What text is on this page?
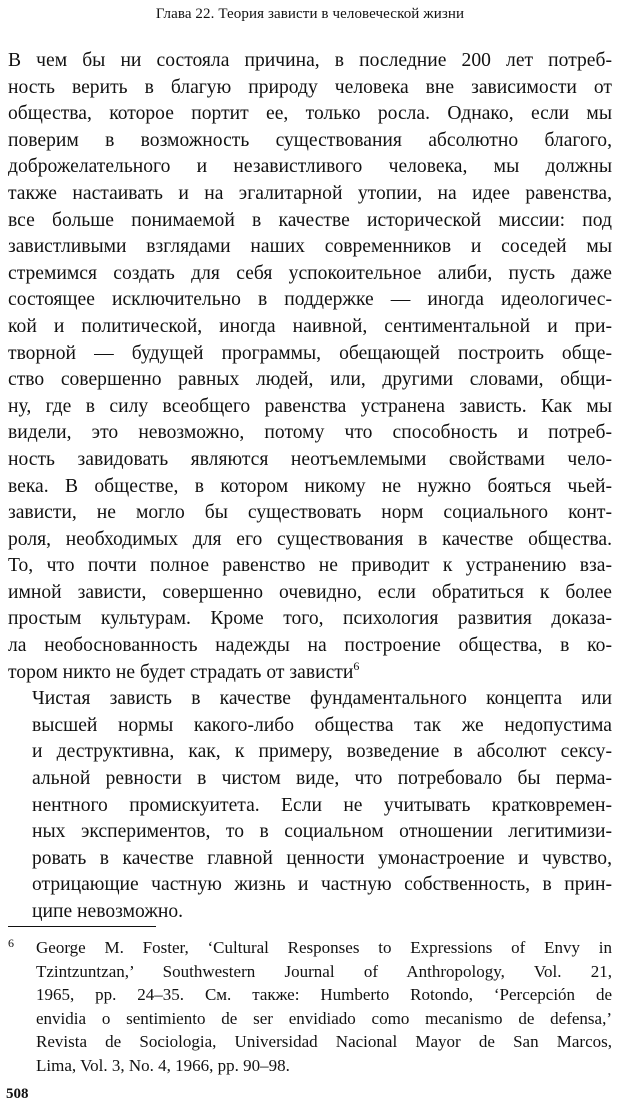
Глава 22. Теория зависти в человеческой жизни

В чем бы ни состояла причина, в последние 200 лет потреб-
ность верить в благую природу человека вне зависимости от
общества, которое портит ее, только росла. Однако, если мы
поверим в возможность существования абсолютно благого,
доброжелательного и независтливого человека, мы должны
также настаивать и на эгалитарной утопии, на идее равенства,
все больше понимаемой в качестве исторической миссии: под
завистливыми взглядами наших современников и соседей мы
стремимся создать для себя успокоительное алиби, пусть даже
состоящее исключительно в поддержке — иногда идеологичес-
кой и политической, иногда наивной, сентиментальной и при-
творной — будущей программы, обещающей построить обще-
ство совершенно равных людей, или, другими словами, общи-
ну, где в силу всеобщего равенства устранена зависть. Как мы
видели, это невозможно, потому что способность и потреб-
ность завидовать являются неотъемлемыми свойствами чело-
века. В обществе, в котором никому не нужно бояться чьей-
зависти, не могло бы существовать норм социального конт-
роля, необходимых для его существования в качестве общества.
То, что почти полное равенство не приводит к устранению вза-
имной зависти, совершенно очевидно, если обратиться к более
простым культурам. Кроме того, психология развития доказа-
ла необоснованность надежды на построение общества, в ко-
тором никто не будет страдать от зависти$^6$

Чистая зависть в качестве фундаментального концепта или
высшей нормы какого-либо общества так же недопустима
и деструктивна, как, к примеру, возведение в абсолют сексу-
альной ревности в чистом виде, что потребовало бы перма-
нентного промискуитета. Если не учитывать кратковремен-
ных экспериментов, то в социальном отношении легитимизи-
ровать в качестве главной ценности умонастроение и чувство,
отрицающие частную жизнь и частную собственность, в прин-
ципе невозможно.

6 George M. Foster, ‘Cultural Responses to Expressions of Envy in
Tzintzuntzan,’ Southwestern Journal of Anthropology, Vol. 21,
1965, pp. 24–35. См. также: Humberto Rotondo, ‘Percepción de
envidia o sentimiento de ser envidiado como mecanismo de defensa,’
Revista de Sociologia, Universidad Nacional Mayor de San Marcos,
Lima, Vol. 3, No. 4, 1966, pp. 90–98.
508
